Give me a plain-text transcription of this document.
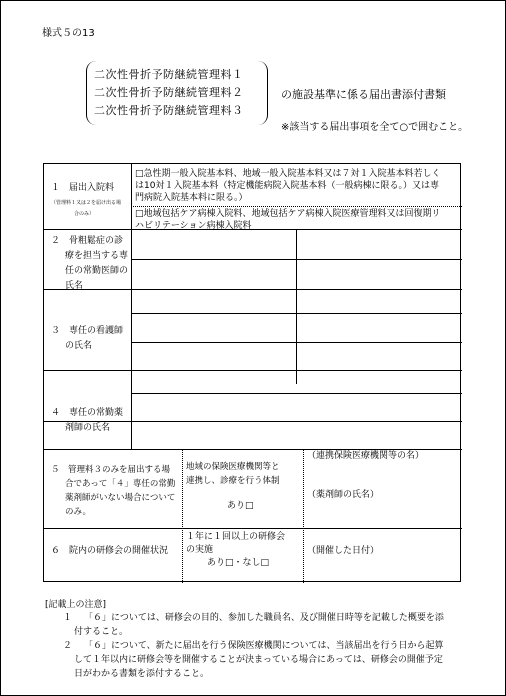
様式５の13
二次性骨折予防継続管理料１
二次性骨折予防継続管理料２
二次性骨折予防継続管理料３
の施設基準に係る届出書添付書類
※該当する届出事項を全て○で囲むこと。
１　届出入院料
（管理料１又は２を届け出る場
合のみ）
□急性期一般入院基本料、地域一般入院基本料又は７対１入院基本料若しく
は10対１入院基本料（特定機能病院入院基本料（一般病棟に限る。）又は専
門病院入院基本料に限る。）
□地域包括ケア病棟入院料、地域包括ケア病棟入院医療管理料又は回復期リ
ハビリテーション病棟入院料
２　骨粗鬆症の診
療を担当する専
任の常勤医師の
氏名
３　専任の看護師
の氏名
４　専任の常勤薬
剤師の氏名
５　管理料３のみを届出する場
合であって「４」専任の常勤
薬剤師がいない場合について
のみ。
地域の保険医療機関等と
連携し、診療を行う体制
あり□
（連携保険医療機関等の名）
（薬剤師の氏名）
６　院内の研修会の開催状況
１年に１回以上の研修会
の実施
あり□・なし□
（開催した日付）
[記載上の注意]
１ 「６」については、研修会の目的、参加した職員名、及び開催日時等を記載した概要を添
付すること。
２ 「６」について、新たに届出を行う保険医療機関については、当該届出を行う日から起算
して１年以内に研修会等を開催することが決まっている場合にあっては、研修会の開催予定
日がわかる書類を添付すること。
